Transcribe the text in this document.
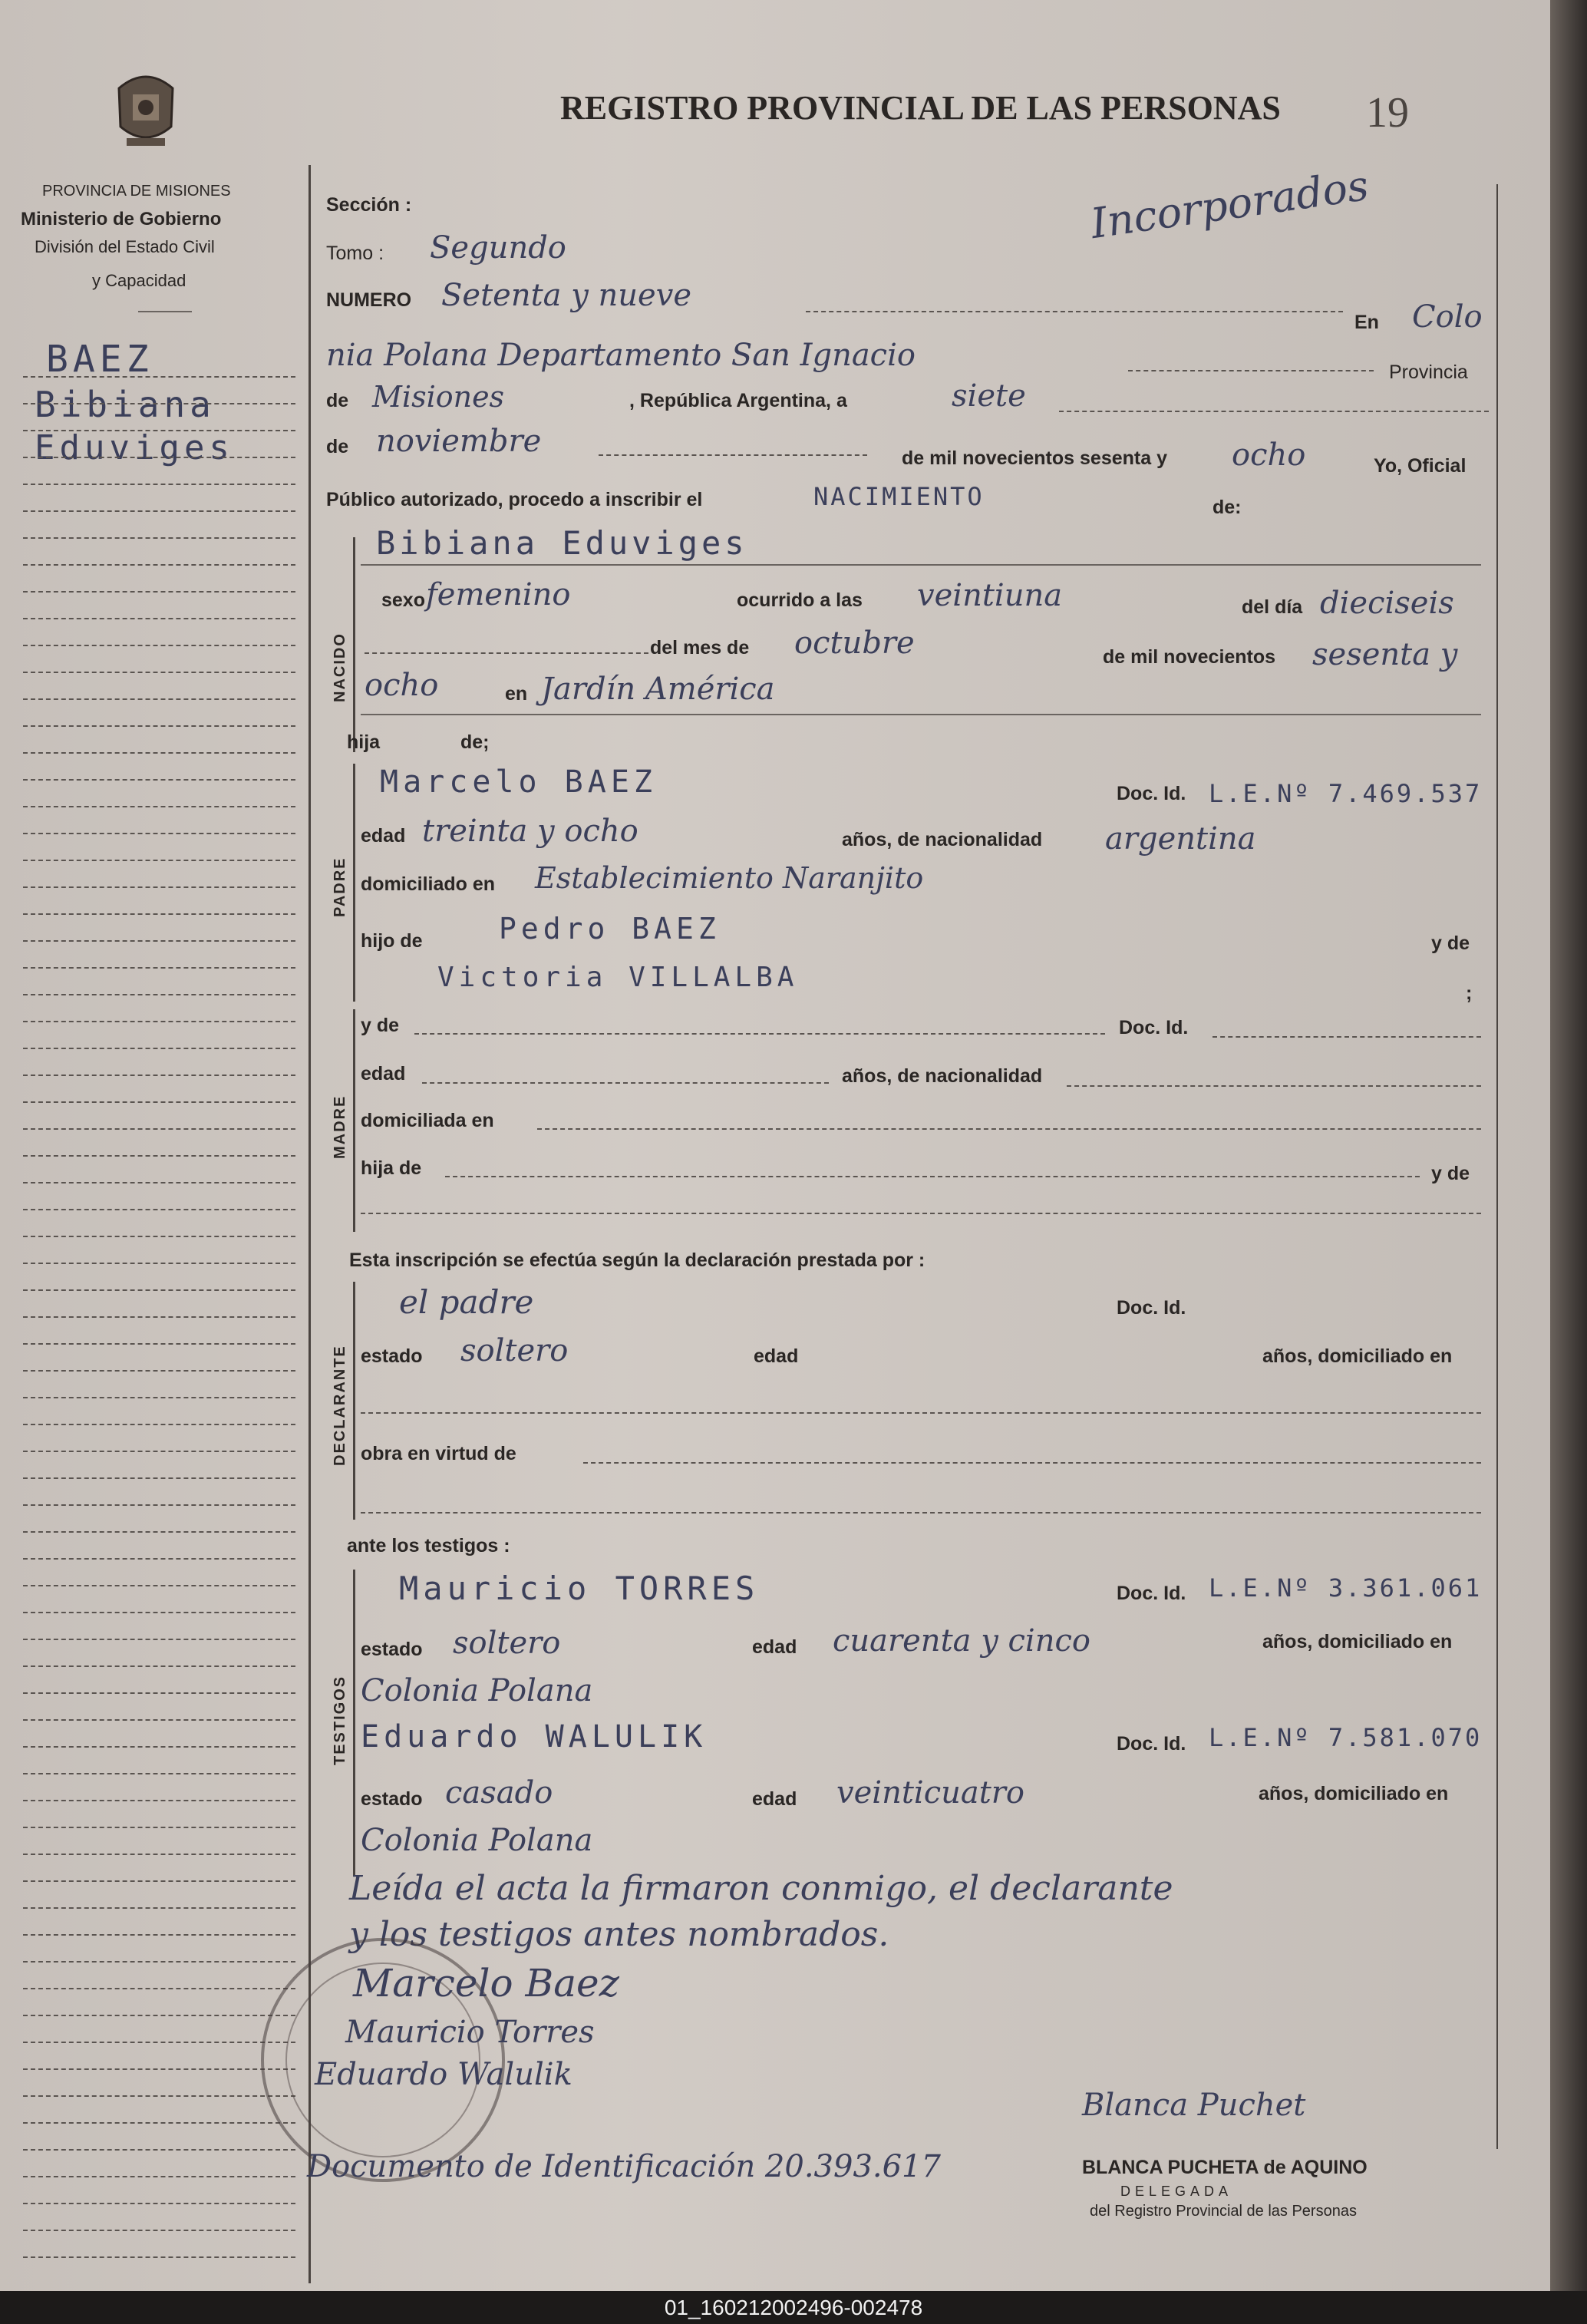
PROVINCIA DE MISIONES
Ministerio de Gobierno
División del Estado Civil
y Capacidad
REGISTRO PROVINCIAL DE LAS PERSONAS 19
Incorporados
BAEZ
Bibiana
Eduviges
Sección :
Tomo : Segundo
NUMERO Setenta y nueve
En Colo
nia Polana Departamento San Ignacio	Provincia
de Misiones	, República Argentina, a	siete
de noviembre	de mil novecientos sesenta y ocho	Yo, Oficial
Público autorizado, procedo a inscribir el	NACIMIENTO	de:
NACIDO
Bibiana Eduviges
sexo femenino	ocurrido a las veintiuna	del día dieciseis
del mes de octubre	de mil novecientos sesenta y
ocho	en Jardín América
hija	de;
PADRE
Marcelo BAEZ	Doc. Id. L.E.Nº 7.469.537
edad treinta y ocho	años, de nacionalidad argentina
domiciliado en Establecimiento Naranjito
hijo de	Pedro BAEZ	y de
Victoria VILLALBA	;
MADRE
y de	Doc. Id.
edad	años, de nacionalidad
domiciliada en
hija de	y de
Esta inscripción se efectúa según la declaración prestada por :
DECLARANTE
el padre	Doc. Id.
estado soltero	edad	años, domiciliado en
obra en virtud de
ante los testigos :
TESTIGOS
Mauricio TORRES	Doc. Id. L.E.Nº 3.361.061
estado soltero	edad cuarenta y cinco	años, domiciliado en
Colonia Polana
Eduardo WALULIK	Doc. Id. L.E.Nº 7.581.070
estado casado	edad veinticuatro	años, domiciliado en
Colonia Polana
Leída el acta la firmaron conmigo, el declarante
y los testigos antes nombrados.
Marcelo Baez
Mauricio Torres
Eduardo Walulik
Blanca Puchet
Documento de Identificación 20.393.617	BLANCA PUCHETA de AQUINO
DELEGADA
del Registro Provincial de las Personas
01_160212002496-002478
